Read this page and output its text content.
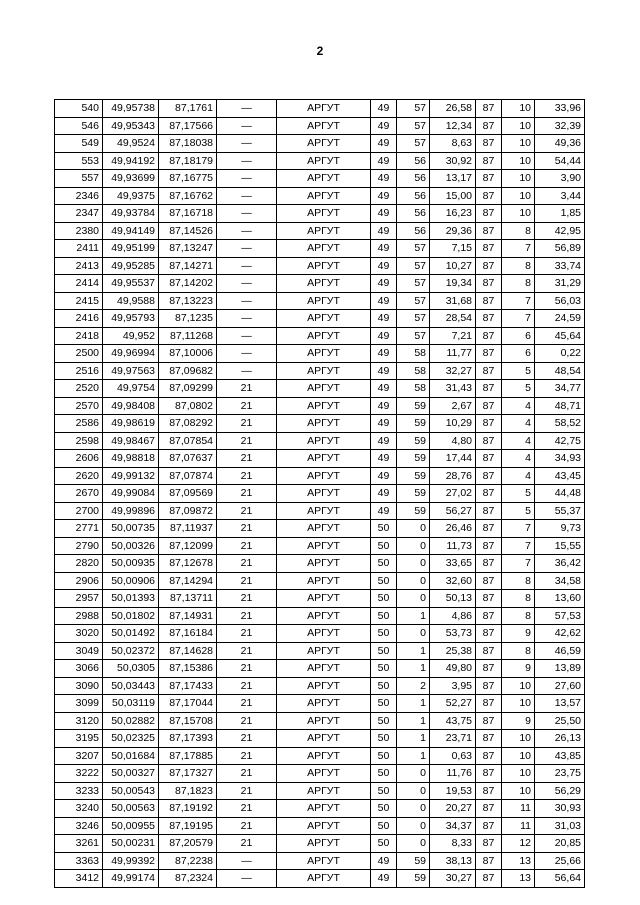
2
540	49,95738	87,1761	—	АРГУТ	49	57	26,58	87	10	33,96
546	49,95343	87,17566	—	АРГУТ	49	57	12,34	87	10	32,39
549	49,9524	87,18038	—	АРГУТ	49	57	8,63	87	10	49,36
553	49,94192	87,18179	—	АРГУТ	49	56	30,92	87	10	54,44
557	49,93699	87,16775	—	АРГУТ	49	56	13,17	87	10	3,90
2346	49,9375	87,16762	—	АРГУТ	49	56	15,00	87	10	3,44
2347	49,93784	87,16718	—	АРГУТ	49	56	16,23	87	10	1,85
2380	49,94149	87,14526	—	АРГУТ	49	56	29,36	87	8	42,95
2411	49,95199	87,13247	—	АРГУТ	49	57	7,15	87	7	56,89
2413	49,95285	87,14271	—	АРГУТ	49	57	10,27	87	8	33,74
2414	49,95537	87,14202	—	АРГУТ	49	57	19,34	87	8	31,29
2415	49,9588	87,13223	—	АРГУТ	49	57	31,68	87	7	56,03
2416	49,95793	87,1235	—	АРГУТ	49	57	28,54	87	7	24,59
2418	49,952	87,11268	—	АРГУТ	49	57	7,21	87	6	45,64
2500	49,96994	87,10006	—	АРГУТ	49	58	11,77	87	6	0,22
2516	49,97563	87,09682	—	АРГУТ	49	58	32,27	87	5	48,54
2520	49,9754	87,09299	21	АРГУТ	49	58	31,43	87	5	34,77
2570	49,98408	87,0802	21	АРГУТ	49	59	2,67	87	4	48,71
2586	49,98619	87,08292	21	АРГУТ	49	59	10,29	87	4	58,52
2598	49,98467	87,07854	21	АРГУТ	49	59	4,80	87	4	42,75
2606	49,98818	87,07637	21	АРГУТ	49	59	17,44	87	4	34,93
2620	49,99132	87,07874	21	АРГУТ	49	59	28,76	87	4	43,45
2670	49,99084	87,09569	21	АРГУТ	49	59	27,02	87	5	44,48
2700	49,99896	87,09872	21	АРГУТ	49	59	56,27	87	5	55,37
2771	50,00735	87,11937	21	АРГУТ	50	0	26,46	87	7	9,73
2790	50,00326	87,12099	21	АРГУТ	50	0	11,73	87	7	15,55
2820	50,00935	87,12678	21	АРГУТ	50	0	33,65	87	7	36,42
2906	50,00906	87,14294	21	АРГУТ	50	0	32,60	87	8	34,58
2957	50,01393	87,13711	21	АРГУТ	50	0	50,13	87	8	13,60
2988	50,01802	87,14931	21	АРГУТ	50	1	4,86	87	8	57,53
3020	50,01492	87,16184	21	АРГУТ	50	0	53,73	87	9	42,62
3049	50,02372	87,14628	21	АРГУТ	50	1	25,38	87	8	46,59
3066	50,0305	87,15386	21	АРГУТ	50	1	49,80	87	9	13,89
3090	50,03443	87,17433	21	АРГУТ	50	2	3,95	87	10	27,60
3099	50,03119	87,17044	21	АРГУТ	50	1	52,27	87	10	13,57
3120	50,02882	87,15708	21	АРГУТ	50	1	43,75	87	9	25,50
3195	50,02325	87,17393	21	АРГУТ	50	1	23,71	87	10	26,13
3207	50,01684	87,17885	21	АРГУТ	50	1	0,63	87	10	43,85
3222	50,00327	87,17327	21	АРГУТ	50	0	11,76	87	10	23,75
3233	50,00543	87,1823	21	АРГУТ	50	0	19,53	87	10	56,29
3240	50,00563	87,19192	21	АРГУТ	50	0	20,27	87	11	30,93
3246	50,00955	87,19195	21	АРГУТ	50	0	34,37	87	11	31,03
3261	50,00231	87,20579	21	АРГУТ	50	0	8,33	87	12	20,85
3363	49,99392	87,2238	—	АРГУТ	49	59	38,13	87	13	25,66
3412	49,99174	87,2324	—	АРГУТ	49	59	30,27	87	13	56,64
